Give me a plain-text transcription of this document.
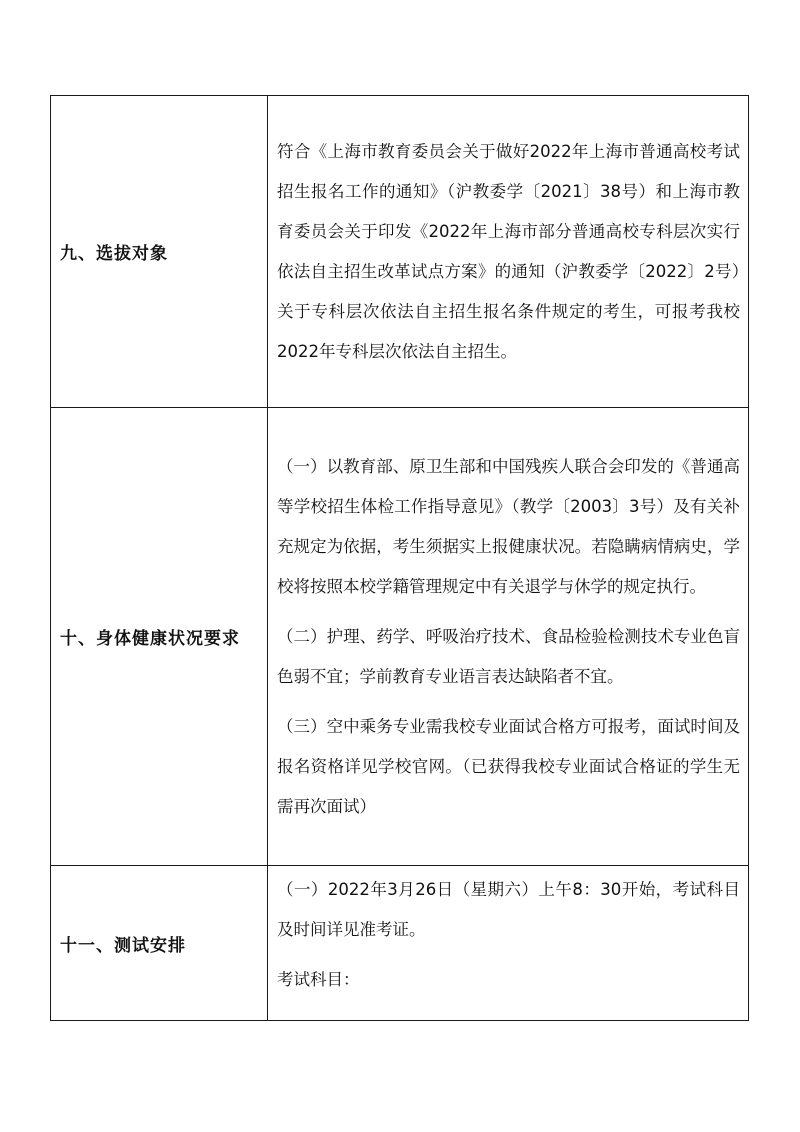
九、选拔对象	符合《上海市教育委员会关于做好2022年上海市普通高校考试招生报名工作的通知》（沪教委学〔2021〕38号）和上海市教育委员会关于印发《2022年上海市部分普通高校专科层次实行依法自主招生改革试点方案》的通知（沪教委学〔2022〕2号）关于专科层次依法自主招生报名条件规定的考生，可报考我校2022年专科层次依法自主招生。

十、身体健康状况要求	（一）以教育部、原卫生部和中国残疾人联合会印发的《普通高等学校招生体检工作指导意见》（教学〔2003〕3号）及有关补充规定为依据，考生须据实上报健康状况。若隐瞒病情病史，学校将按照本校学籍管理规定中有关退学与休学的规定执行。

（二）护理、药学、呼吸治疗技术、食品检验检测技术专业色盲色弱不宜；学前教育专业语言表达缺陷者不宜。

（三）空中乘务专业需我校专业面试合格方可报考，面试时间及报名资格详见学校官网。（已获得我校专业面试合格证的学生无需再次面试）

十一、测试安排	（一）2022年3月26日（星期六）上午8：30开始，考试科目及时间详见准考证。

考试科目：
